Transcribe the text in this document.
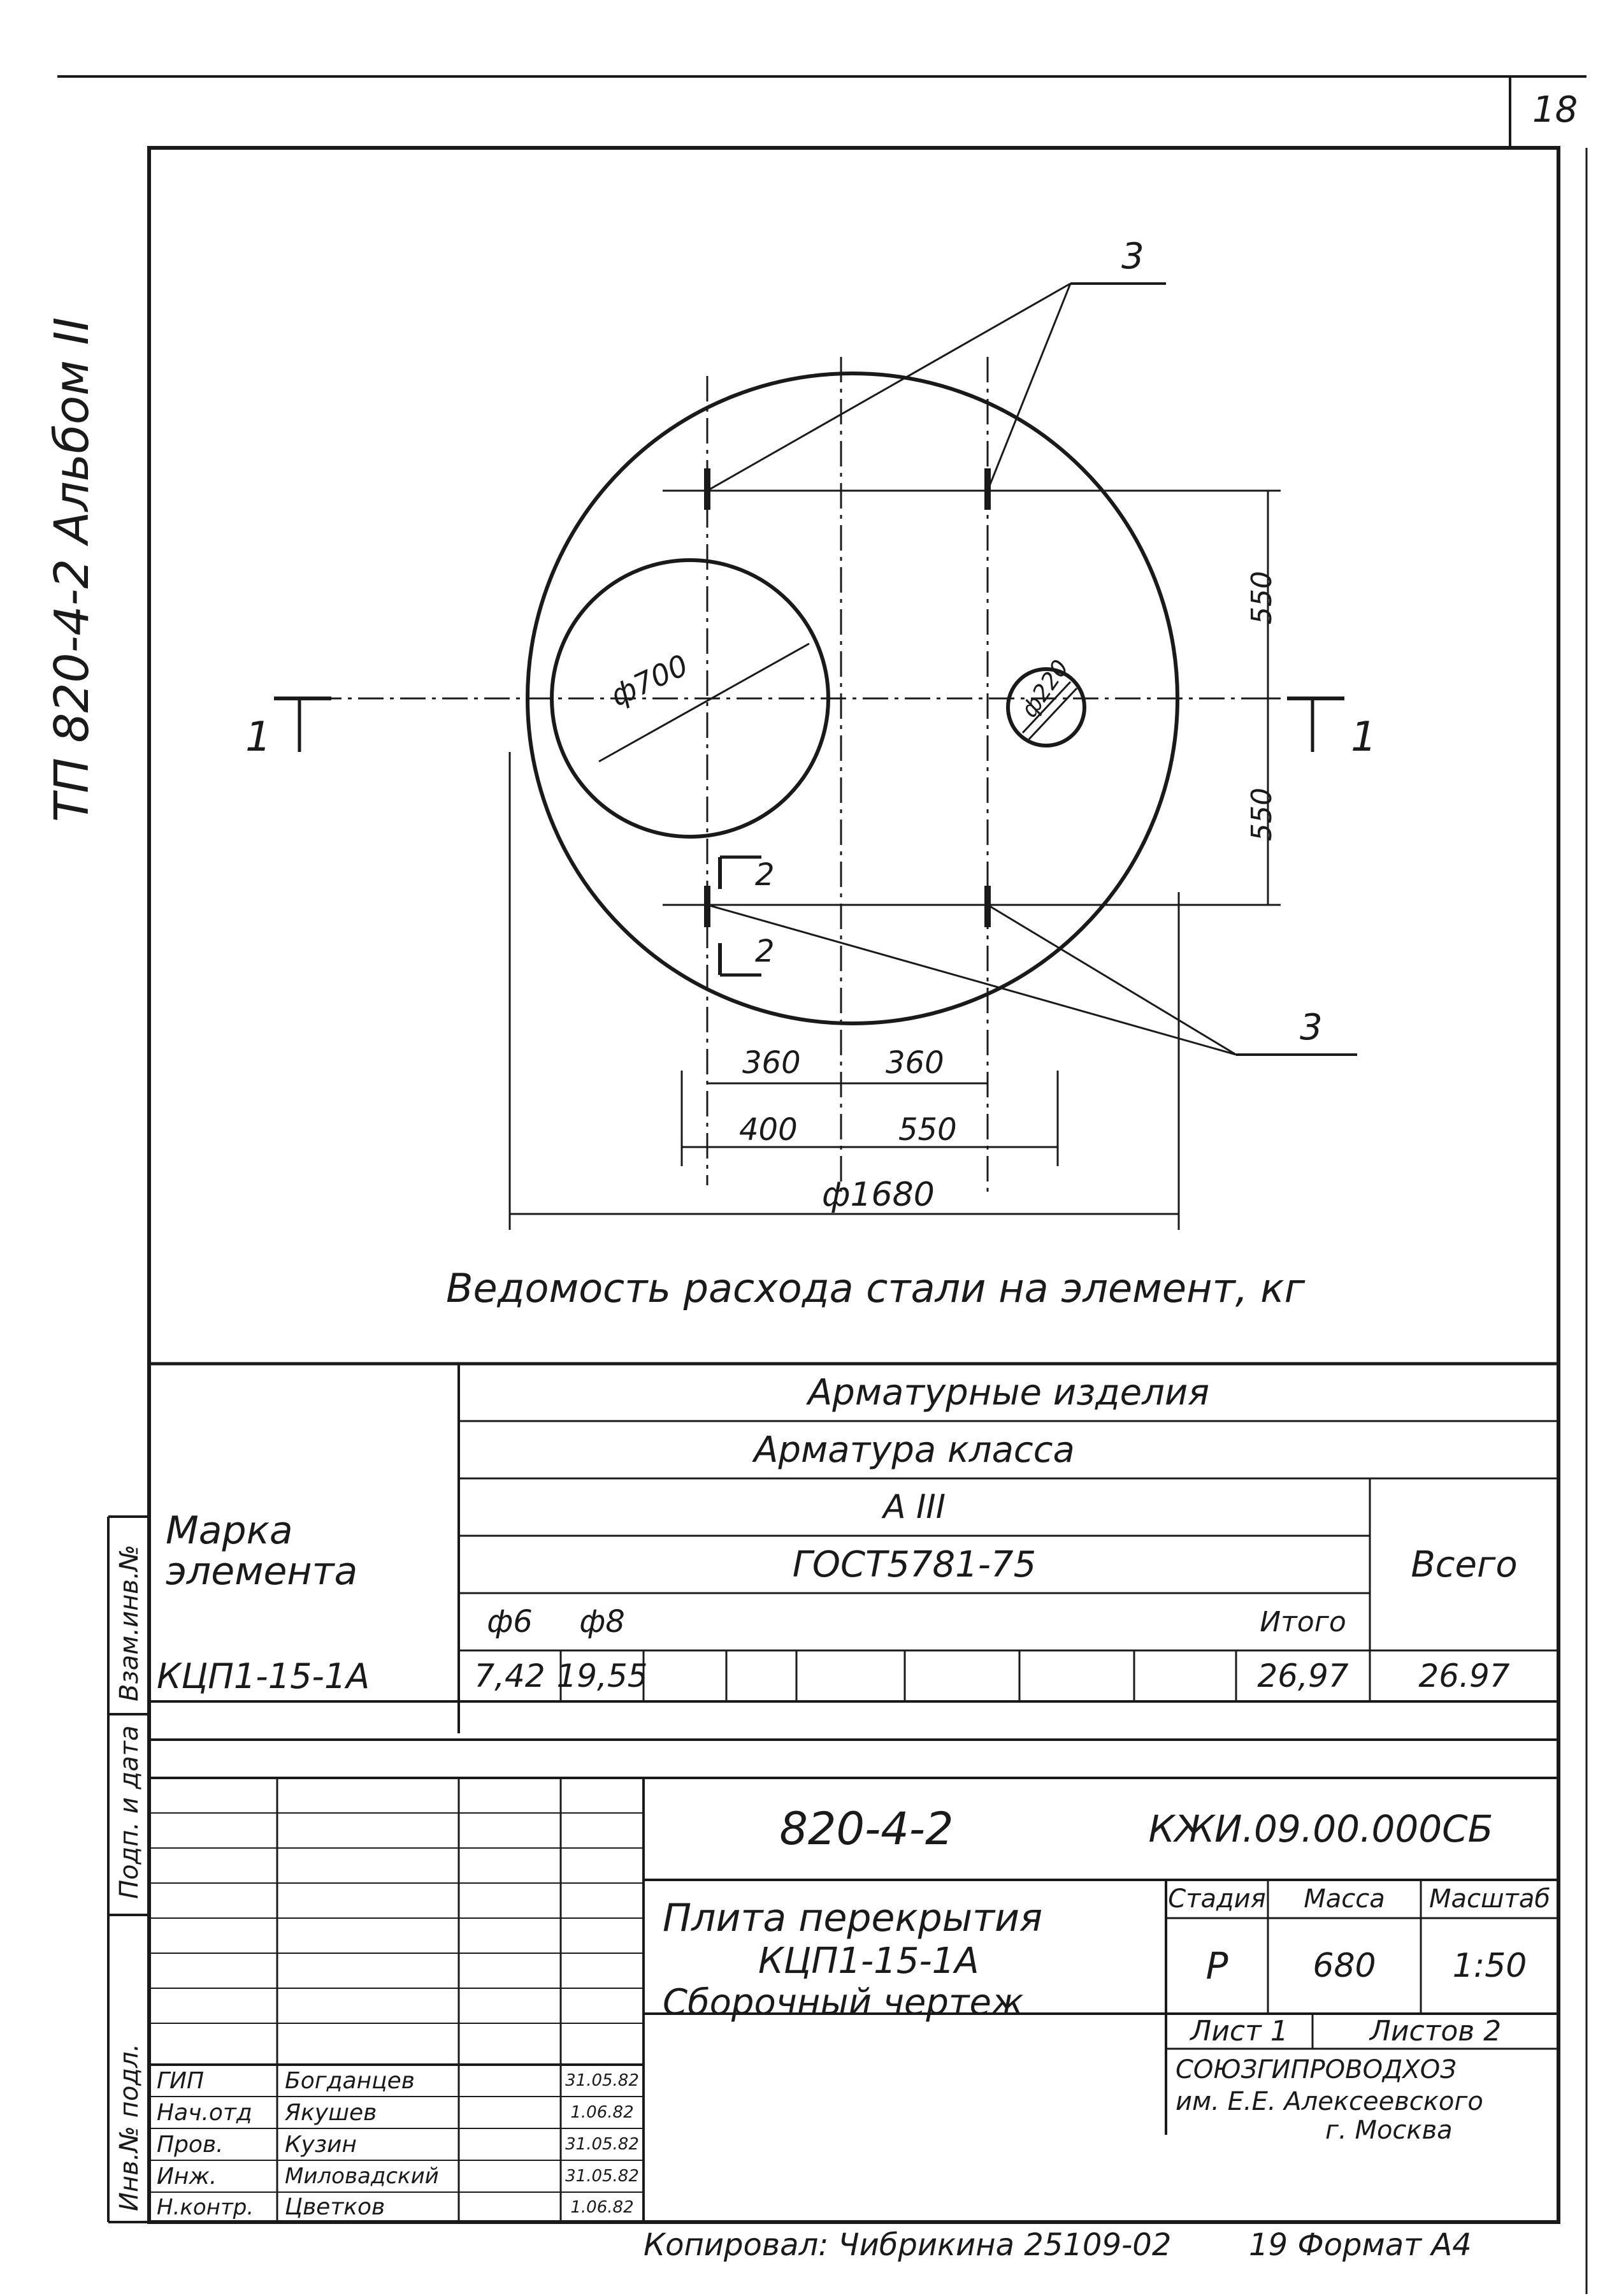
18
ТП 820-4-2 Альбом II
3
3
1	1
2
2
ф700	ф220
550
550
360	360
400	550
ф1680
Ведомость расхода стали на элемент, кг
Марка элемента
Арматурные изделия
Арматура класса
А III
ГОСТ5781-75	Всего
ф6	ф8	Итого
КЦП1-15-1А	7,42 19,55	26,97	26.97
820-4-2	КЖИ.09.00.000СБ
Плита перекрытия
КЦП1-15-1А
Сборочный чертеж
Стадия	Масса	Масштаб
Р	680	1:50
Лист 1	Листов 2
СОЮЗГИПРОВОДХОЗ
им. Е.Е. Алексеевского
г. Москва
ГИП	Богданцев	31.05.82
Нач.отд	Якушев	1.06.82
Пров.	Кузин	31.05.82
Инж.	Миловадский	31.05.82
Н.контр.	Цветков	1.06.82
Взам.инв.№
Подп. и дата
Инв.№ подл.
Копировал: Чибрикина 25109-02	19 Формат А4
